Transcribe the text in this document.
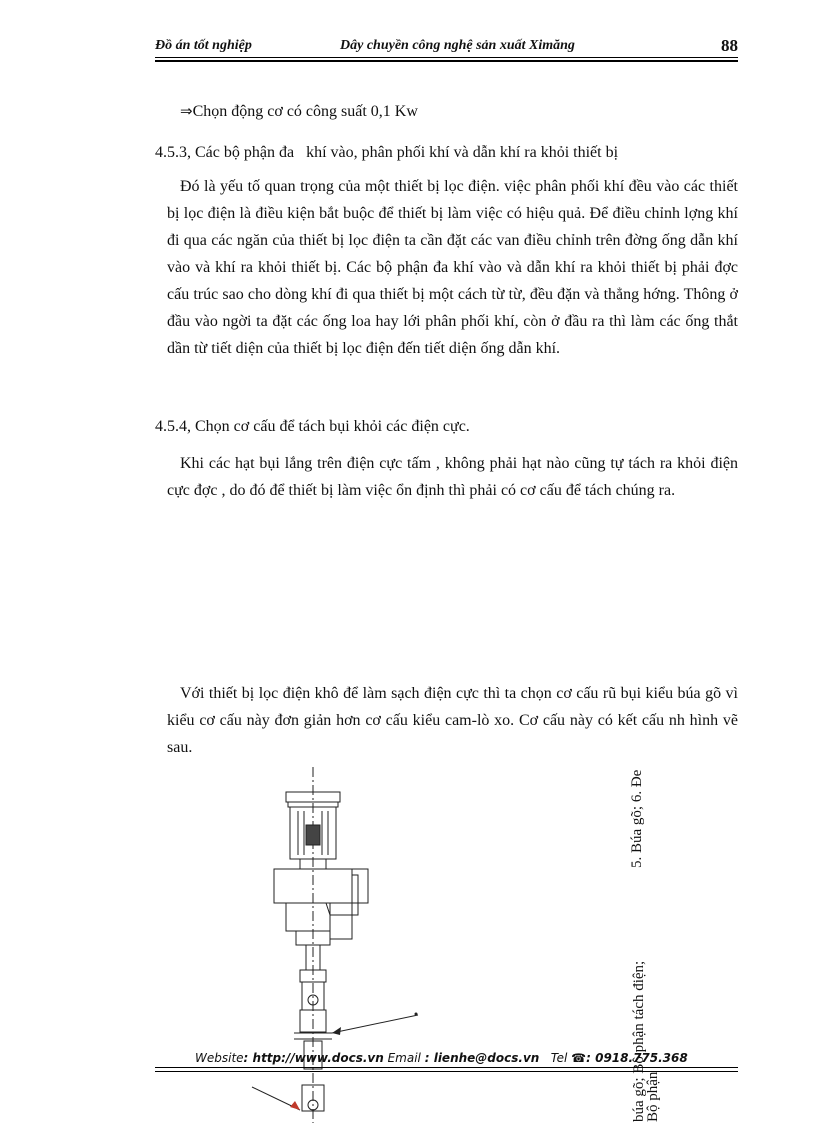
Đồ án tốt nghiệp	Dây chuyền công nghệ sản xuất Ximăng	88
⇒Chọn động cơ có công suất 0,1 Kw
4.5.3, Các bộ phận đa   khí vào, phân phối khí và dẫn khí ra khỏi thiết bị
Đó là yếu tố quan trọng của một thiết bị lọc điện. việc phân phối khí đều vào các thiết bị lọc điện là điều kiện bắt buộc để thiết bị làm việc có hiệu quả. Để điều chỉnh lợng khí đi qua các ngăn của thiết bị lọc điện ta cần đặt các van điều chỉnh trên đờng ống dẫn khí vào và khí ra khỏi thiết bị. Các bộ phận đa khí vào và dẫn khí ra khỏi thiết bị phải đợc cấu trúc sao cho dòng khí đi qua thiết bị một cách từ từ, đều đặn và thẳng hớng. Thông ở đầu vào ngời ta đặt các ống loa hay lới phân phối khí, còn ở đầu ra thì làm các ống thắt dần từ tiết diện của thiết bị lọc điện đến tiết diện ống dẫn khí.
4.5.4, Chọn cơ cấu để tách bụi khỏi các điện cực.
Khi các hạt bụi lắng trên điện cực tấm , không phải hạt nào cũng tự tách ra khỏi điện cực đợc , do đó để thiết bị làm việc ổn định thì phải có cơ cấu để tách chúng ra.
Với thiết bị lọc điện khô để làm sạch điện cực thì ta chọn cơ cấu rũ bụi kiểu búa gõ vì kiểu cơ cấu này đơn giản hơn cơ cấu kiểu cam-lò xo. Cơ cấu này có kết cấu nh hình vẽ sau.
5. Búa gõ; 6. Đe
búa gõ; Bộ phận tách điện;
Bộ phận
Website: http://www.docs.vn Email : lienhe@docs.vn Tel ☎: 0918.775.368
